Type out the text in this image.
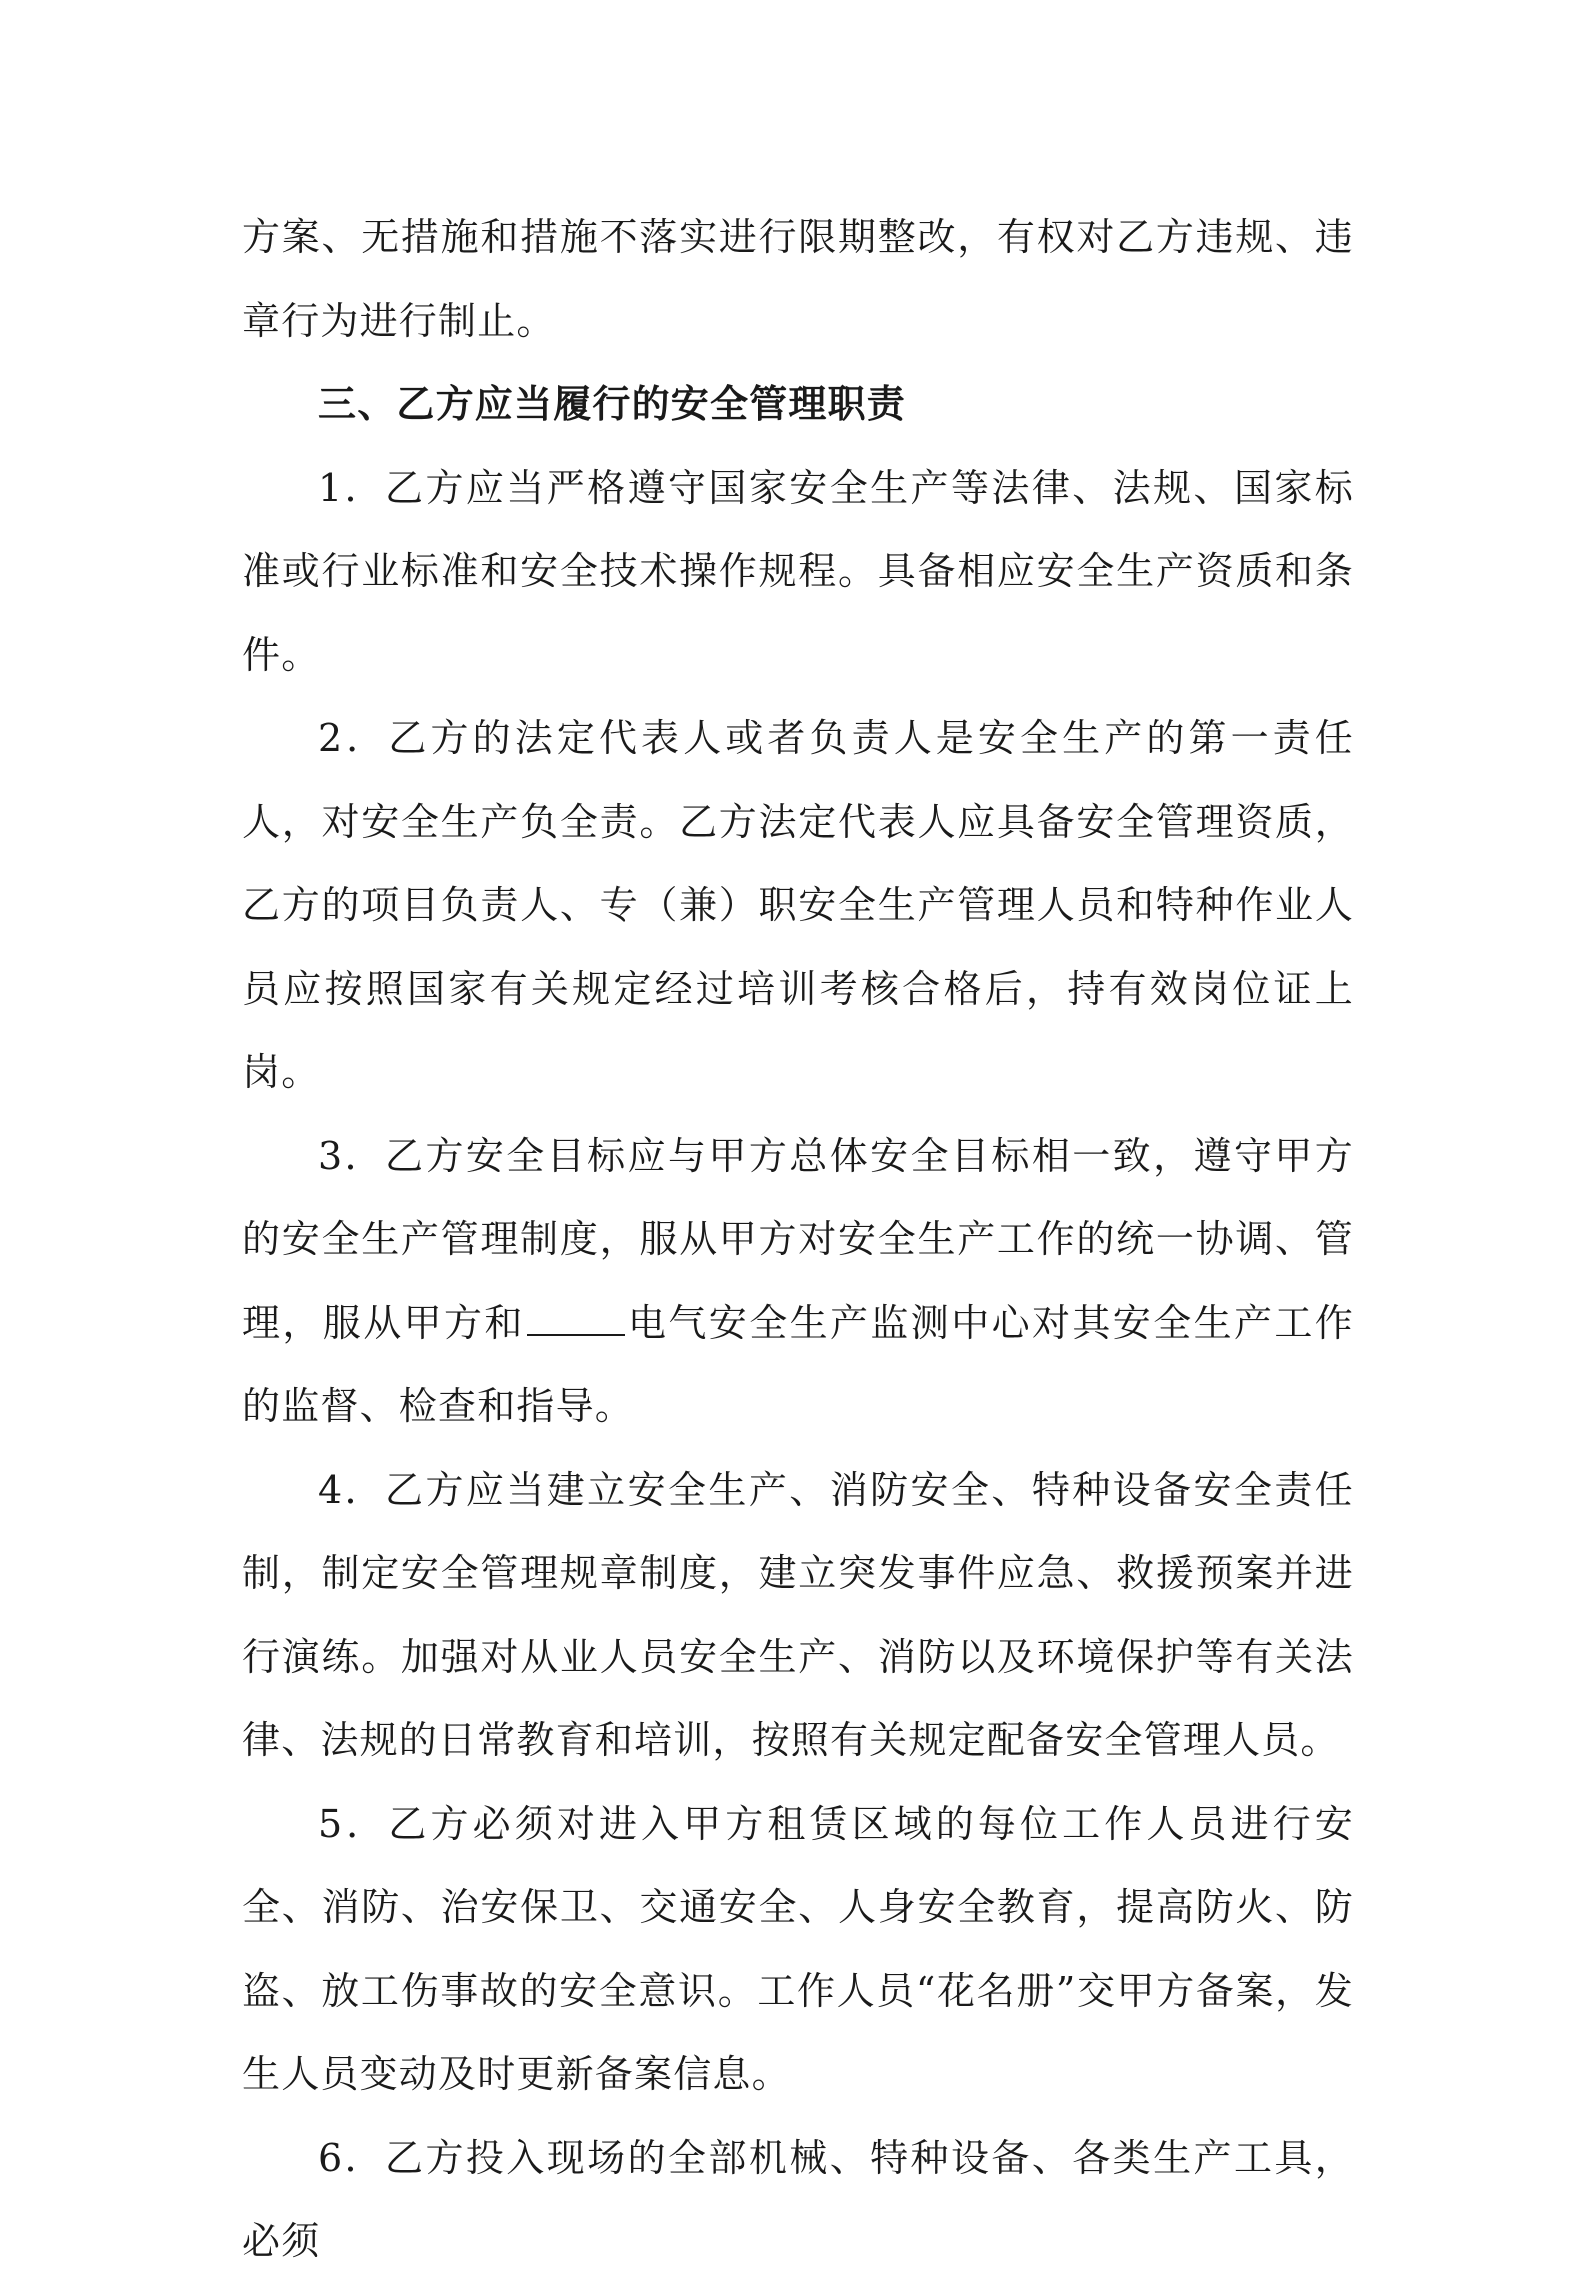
方案、无措施和措施不落实进行限期整改，有权对乙方违规、违章行为进行制止。

三、乙方应当履行的安全管理职责

1．乙方应当严格遵守国家安全生产等法律、法规、国家标准或行业标准和安全技术操作规程。具备相应安全生产资质和条件。

2．乙方的法定代表人或者负责人是安全生产的第一责任人，对安全生产负全责。乙方法定代表人应具备安全管理资质，乙方的项目负责人、专（兼）职安全生产管理人员和特种作业人员应按照国家有关规定经过培训考核合格后，持有效岗位证上岗。

3．乙方安全目标应与甲方总体安全目标相一致，遵守甲方的安全生产管理制度，服从甲方对安全生产工作的统一协调、管理，服从甲方和	电气安全生产监测中心对其安全生产工作的监督、检查和指导。

4．乙方应当建立安全生产、消防安全、特种设备安全责任制，制定安全管理规章制度，建立突发事件应急、救援预案并进行演练。加强对从业人员安全生产、消防以及环境保护等有关法律、法规的日常教育和培训，按照有关规定配备安全管理人员。

5．乙方必须对进入甲方租赁区域的每位工作人员进行安全、消防、治安保卫、交通安全、人身安全教育，提高防火、防盗、放工伤事故的安全意识。工作人员“花名册”交甲方备案，发生人员变动及时更新备案信息。

6．乙方投入现场的全部机械、特种设备、各类生产工具，必须
